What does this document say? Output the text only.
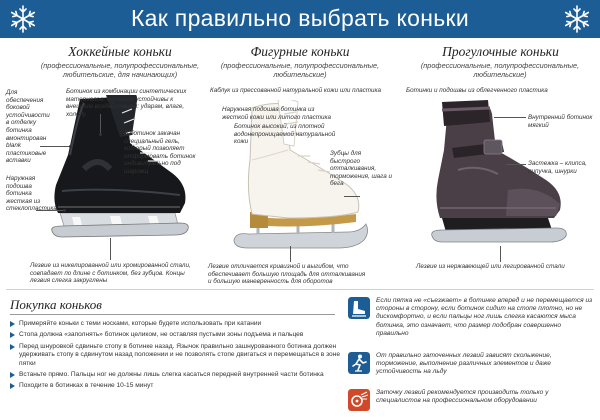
Как правильно выбрать коньки
Хоккейные коньки
(профессиональные, полупрофессиональные, любительские, для начинающих)
Фигурные коньки
(профессиональные, полупрофессиональные, любительские)
Прогулочные коньки
(профессиональные, полупрофессиональные, любительские)
Для обеспечения боковой устойчивости в отделку ботинка вмонтирован blank пластиковые вставки
Ботинок из комбинации синтетических материалов, которые устойчивы к внешним воздействиям: ударам, влаге, холоду
В ботинок закачан специальный гель, который позволяет отформовать ботинок индивидуально под шаровщ
Наружная подошва ботинка жесткая из стеклопластика
Лезвие из никелированной или хромированной стали, совпадает по длине с ботинком, без зубцов. Концы лезвия слегка закруглены
Каблук из прессованной натуральной кожи или пластика
Наружная подошва ботинка из жесткой кожи или литого пластика
Ботинок высокий, из плотной водонепроницаемой натуральной кожи
Зубцы для быстрого отталкивания, торможения, шага и бега
Лезвие отличается кривизной и выгибом, что обеспечивает большую площадь для отталкивания и большую маневренность для оборотов
Ботинки и подошвы из облегченного пластика
Внутренний ботинок мягкий
Застежка – клипса, липучка, шнурки
Лезвие из нержавеющей или легированной стали
Покупка коньков
Примеряйте коньки с теми носками, которые будете использовать при катании
Стопа должна «заполнять» ботинок целиком, не оставляя пустыми зоны подъема и пальцев
Перед шнуровкой сдвиньте стопу в ботинке назад. Язычок правильно зашнурованного ботинка должен удерживать стопу в сдвинутом назад положении и не позволять стопе двигаться и перемещаться в зоне пятки
Встаньте прямо. Пальцы ног не должны лишь слегка касаться передней внутренней части ботинка
Походите в ботинках в течение 10-15 минут
Если пятка не «съезжает» в ботинке вперед и не перемещается из стороны в сторону, если ботинок сидит на стопе плотно, но не дискомфортно, и если пальцы ног лишь слегка касаются мыса ботинка, это означает, что размер подобран совершенно правильно
От правильно заточенных лезвий зависят скольжение, торможение, выполнение различных элементов и даже устойчивость на льду
Заточку лезвий рекомендуется производить только у специалистов на профессиональном оборудовании
